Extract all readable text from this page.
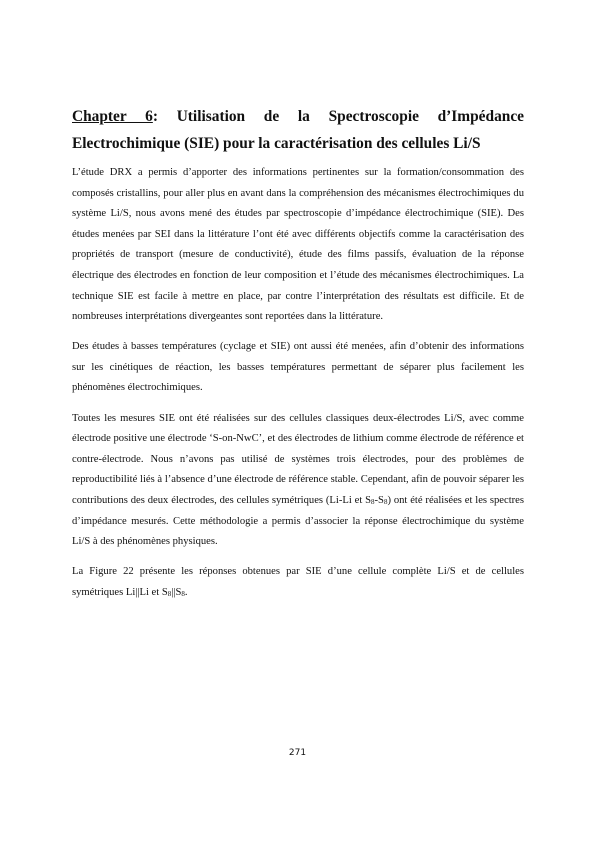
Chapter 6: Utilisation de la Spectroscopie d’Impédance Electrochimique (SIE) pour la caractérisation des cellules Li/S

L’étude DRX a permis d’apporter des informations pertinentes sur la formation/consommation des composés cristallins, pour aller plus en avant dans la compréhension des mécanismes électrochimiques du système Li/S, nous avons mené des études par spectroscopie d’impédance électrochimique (SIE). Des études menées par SEI dans la littérature l’ont été avec différents objectifs comme la caractérisation des propriétés de transport (mesure de conductivité), étude des films passifs, évaluation de la réponse électrique des électrodes en fonction de leur composition et l’étude des mécanismes électrochimiques. La technique SIE est facile à mettre en place, par contre l’interprétation des résultats est difficile. Et de nombreuses interprétations divergeantes sont reportées dans la littérature.

Des études à basses températures (cyclage et SIE) ont aussi été menées, afin d’obtenir des informations sur les cinétiques de réaction, les basses températures permettant de séparer plus facilement les phénomènes électrochimiques.

Toutes les mesures SIE ont été réalisées sur des cellules classiques deux-électrodes Li/S, avec comme électrode positive une électrode ‘S-on-NwC’, et des électrodes de lithium comme électrode de référence et contre-électrode. Nous n’avons pas utilisé de systèmes trois électrodes, pour des problèmes de reproductibilité liés à l’absence d’une électrode de référence stable. Cependant, afin de pouvoir séparer les contributions des deux électrodes, des cellules symétriques (Li-Li et $S_8-S_8$) ont été réalisées et les spectres d’impédance mesurés. Cette méthodologie a permis d’associer la réponse électrochimique du système Li/S à des phénomènes physiques.

La Figure 22 présente les réponses obtenues par SIE d’une cellule complète Li/S et de cellules symétriques Li||Li et $S_8||S_8$.

271
